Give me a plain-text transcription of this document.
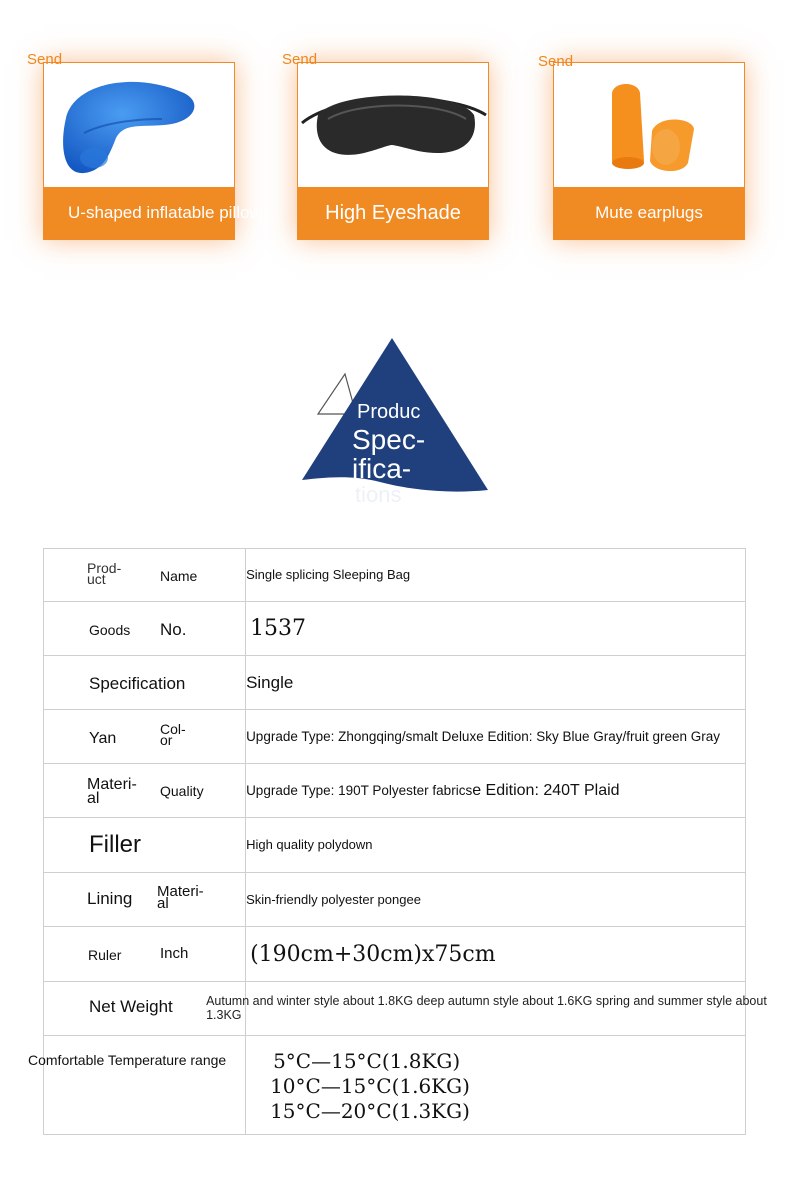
U-shaped inflatable pillow
Send
High Eyeshade
Send
Mute earplugs
Send
Produc
Spec-
ifica-
tions
Prod-
uct Name	Single splicing Sleeping Bag

Goods No.	1537

Specification	Single

Yan
Col-
or	Upgrade Type: Zhongqing/smalt Deluxe Edition: Sky Blue Gray/fruit green Gray

Materi-
al Quality	Upgrade Type: 190T Polyester fabricse Edition: 240T Plaid

Filler	High quality polydown

Lining Materi-
al	Skin-friendly polyester pongee

Ruler Inch	(190cm+30cm)x75cm

Net Weight	Autumn and winter style about 1.8KG deep autumn style about 1.6KG spring and summer style about 1.3KG

Comfortable Temperature range	5°C—15°C(1.8KG)
10°C—15°C(1.6KG)
15°C—20°C(1.3KG)
